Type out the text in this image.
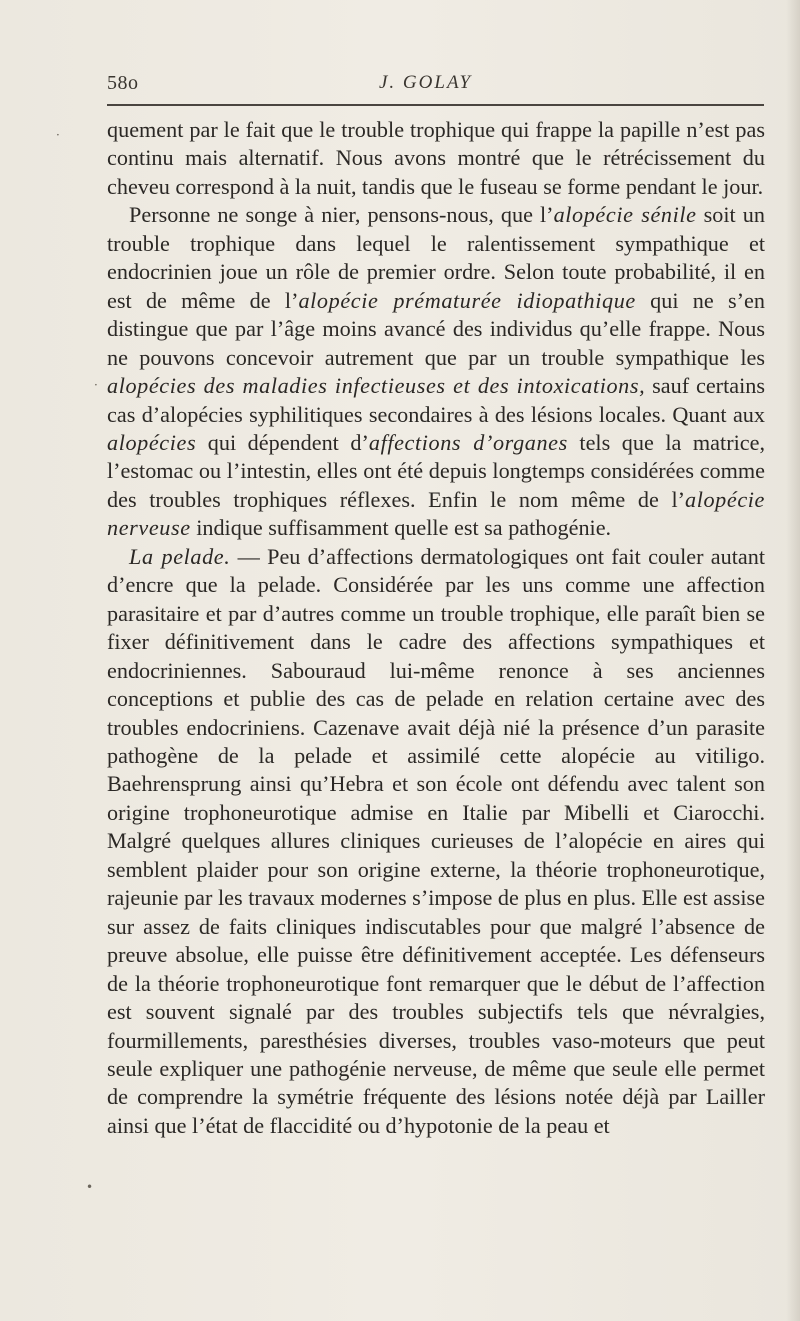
58o	J. GOLAY

quement par le fait que le trouble trophique qui frappe la papille n’est pas continu mais alternatif. Nous avons montré que le rétrécissement du cheveu correspond à la nuit, tandis que le fuseau se forme pendant le jour.

Personne ne songe à nier, pensons-nous, que l’alopécie sénile soit un trouble trophique dans lequel le ralentissement sympathique et endocrinien joue un rôle de premier ordre. Selon toute probabilité, il en est de même de l’alopécie prématurée idiopathique qui ne s’en distingue que par l’âge moins avancé des individus qu’elle frappe. Nous ne pouvons concevoir autrement que par un trouble sympathique les alopécies des maladies infectieuses et des intoxications, sauf certains cas d’alopécies syphilitiques secondaires à des lésions locales. Quant aux alopécies qui dépendent d’affections d’organes tels que la matrice, l’estomac ou l’intestin, elles ont été depuis longtemps considérées comme des troubles trophiques réflexes. Enfin le nom même de l’alopécie nerveuse indique suffisamment quelle est sa pathogénie.

La pelade. — Peu d’affections dermatologiques ont fait couler autant d’encre que la pelade. Considérée par les uns comme une affection parasitaire et par d’autres comme un trouble trophique, elle paraît bien se fixer définitivement dans le cadre des affections sympathiques et endocriniennes. Sabouraud lui-même renonce à ses anciennes conceptions et publie des cas de pelade en relation certaine avec des troubles endocriniens. Cazenave avait déjà nié la présence d’un parasite pathogène de la pelade et assimilé cette alopécie au vitiligo. Baehrensprung ainsi qu’Hebra et son école ont défendu avec talent son origine trophoneurotique admise en Italie par Mibelli et Ciarocchi. Malgré quelques allures cliniques curieuses de l’alopécie en aires qui semblent plaider pour son origine externe, la théorie trophoneurotique, rajeunie par les travaux modernes s’impose de plus en plus. Elle est assise sur assez de faits cliniques indiscutables pour que malgré l’absence de preuve absolue, elle puisse être définitivement acceptée. Les défenseurs de la théorie trophoneurotique font remarquer que le début de l’affection est souvent signalé par des troubles subjectifs tels que névralgies, fourmillements, paresthésies diverses, troubles vaso-moteurs que peut seule expliquer une pathogénie nerveuse, de même que seule elle permet de comprendre la symétrie fréquente des lésions notée déjà par Lailler ainsi que l’état de flaccidité ou d’hypotonie de la peau et

·
·
•
